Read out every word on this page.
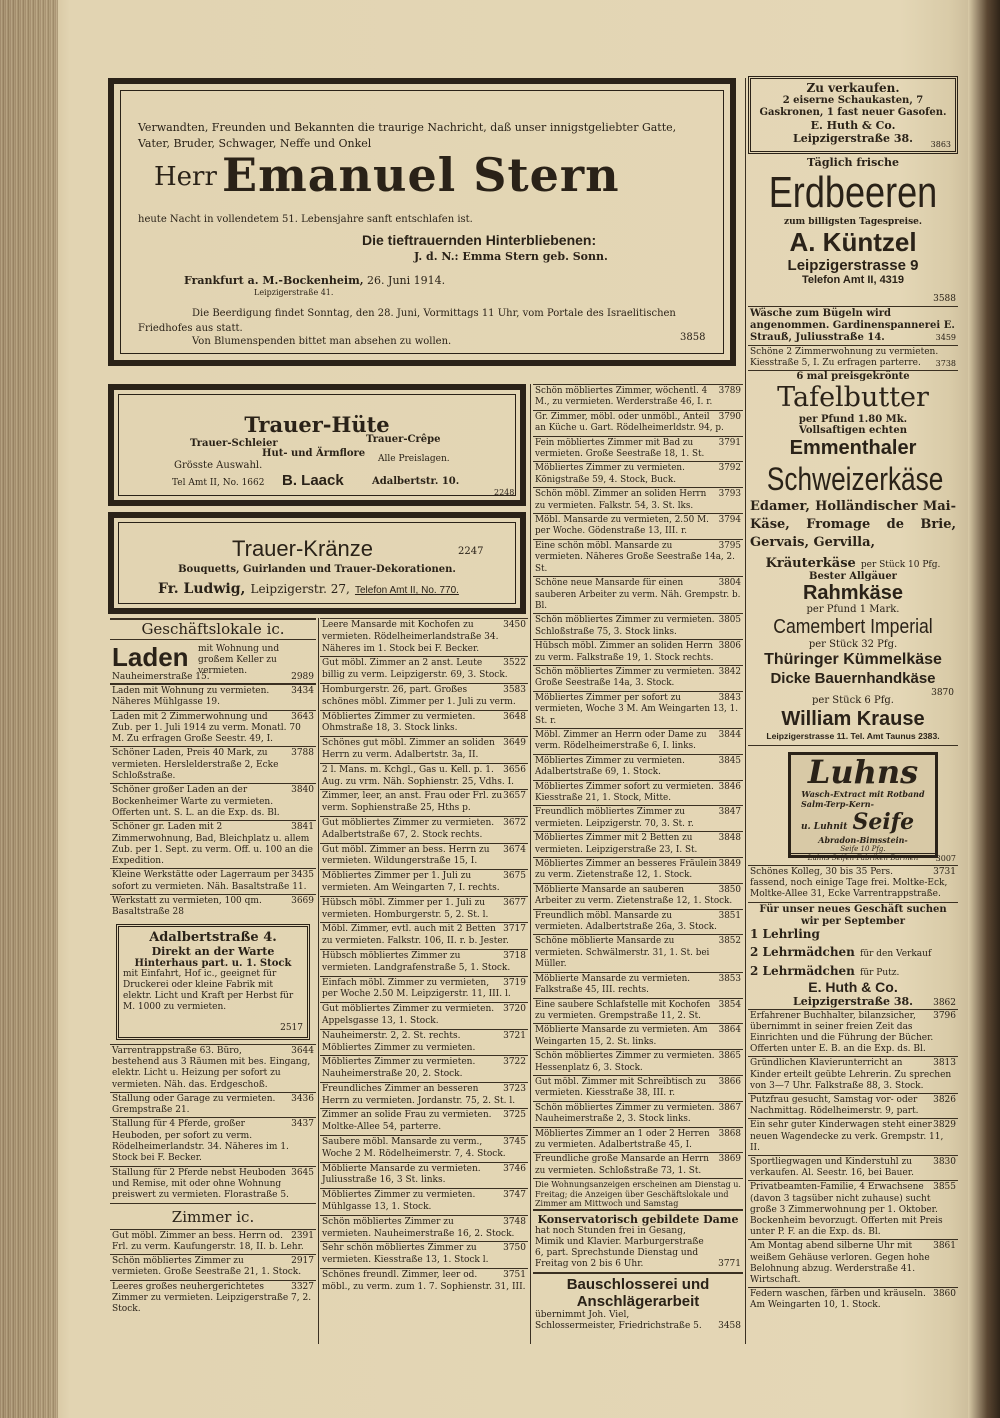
Verwandten, Freunden und Bekannten die traurige Nachricht, daß unser innigstgeliebter Gatte, Vater, Bruder, Schwager, Neffe und Onkel
Herr Emanuel Stern
heute Nacht in vollendetem 51. Lebensjahre sanft entschlafen ist.
Die tieftrauernden Hinterbliebenen:
J. d. N.: Emma Stern geb. Sonn.
Frankfurt a. M.-Bockenheim, 26. Juni 1914.
Leipzigerstraße 41.
Die Beerdigung findet Sonntag, den 28. Juni, Vormittags 11 Uhr, vom Portale des Israelitischen Friedhofes aus statt.
Von Blumenspenden bittet man absehen zu wollen.	3858
Trauer-Hüte
Trauer-Schleier	Trauer-Crêpe
Hut- und Ärmflore
Grösste Auswahl.
Alle Preislagen.
Tel Amt II, No. 1662 B. Laack	Adalbertstr. 10.
2248
Trauer-Kränze	2247
Bouquetts, Guirlanden und Trauer-Dekorationen.
Fr. Ludwig, Leipzigerstr. 27, Telefon Amt II, No. 770.
Geschäftslokale ic.
Laden mit Wohnung und großem Keller zu vermieten.
Nauheimerstraße 15.	2989
3434
Laden mit Wohnung zu vermieten. Näheres Mühlgasse 19.
3643
Laden mit 2 Zimmerwohnung und Zub. per 1. Juli 1914 zu verm. Monatl. 70 M. Zu erfragen Große Seestr. 49, I.
3788
Schöner Laden, Preis 40 Mark, zu vermieten. Herslelderstraße 2, Ecke Schloßstraße.
3840
Schöner großer Laden an der Bockenheimer Warte zu vermieten. Offerten unt. S. L. an die Exp. ds. Bl.
3841
Schöner gr. Laden mit 2 Zimmerwohnung, Bad, Bleichplatz u. allem Zub. per 1. Sept. zu verm. Off. u. 100 an die Expedition.
3435
Kleine Werkstätte oder Lagerraum per sofort zu vermieten. Näh. Basaltstraße 11.
3669
Werkstatt zu vermieten, 100 qm. Basaltstraße 28
Adalbertstraße 4.
Direkt an der Warte
Hinterhaus part. u. 1. Stock
mit Einfahrt, Hof ic., geeignet für Druckerei oder kleine Fabrik mit elektr. Licht und Kraft per Herbst für M. 1000 zu vermieten.
2517
3644
Varrentrappstraße 63. Büro, bestehend aus 3 Räumen mit bes. Eingang, elektr. Licht u. Heizung per sofort zu vermieten. Näh. das. Erdgeschoß.
3436
Stallung oder Garage zu vermieten. Grempstraße 21.
3437
Stallung für 4 Pferde, großer Heuboden, per sofort zu verm. Rödelheimerlandstr. 34. Näheres im 1. Stock bei F. Becker.
3645
Stallung für 2 Pferde nebst Heuboden und Remise, mit oder ohne Wohnung preiswert zu vermieten. Florastraße 5.
Zimmer ic.
2391
Gut möbl. Zimmer an bess. Herrn od. Frl. zu verm. Kaufungerstr. 18, II. b. Lehr.
2917
Schön möbliertes Zimmer zu vermieten. Große Seestraße 21, 1. Stock.
3327
Leeres großes neuhergerichtetes Zimmer zu vermieten. Leipzigerstraße 7, 2. Stock.
3450
Leere Mansarde mit Kochofen zu vermieten. Rödelheimerlandstraße 34. Näheres im 1. Stock bei F. Becker.
3522
Gut möbl. Zimmer an 2 anst. Leute billig zu verm. Leipzigerstr. 69, 3. Stock.
3583
Homburgerstr. 26, part. Großes schönes möbl. Zimmer per 1. Juli zu verm.
3648
Möbliertes Zimmer zu vermieten. Ohmstraße 18, 3. Stock links.
3649
Schönes gut möbl. Zimmer an soliden Herrn zu verm. Adalbertstr. 3a, II.
3656
2 l. Mans. m. Kchgl., Gas u. Kell. p. 1. Aug. zu vrm. Näh. Sophienstr. 25, Vdhs. I.
3657
Zimmer, leer, an anst. Frau oder Frl. zu verm. Sophienstraße 25, Hths p.
3672
Gut möbliertes Zimmer zu vermieten. Adalbertstraße 67, 2. Stock rechts.
3674
Gut möbl. Zimmer an bess. Herrn zu vermieten. Wildungerstraße 15, I.
3675
Möbliertes Zimmer per 1. Juli zu vermieten. Am Weingarten 7, I. rechts.
3677
Hübsch möbl. Zimmer per 1. Juli zu vermieten. Homburgerstr. 5, 2. St. l.
3717
Möbl. Zimmer, evtl. auch mit 2 Betten zu vermieten. Falkstr. 106, II. r. b. Jester.
3718
Hübsch möbliertes Zimmer zu vermieten. Landgrafenstraße 5, 1. Stock.
3719
Einfach möbl. Zimmer zu vermieten, per Woche 2.50 M. Leipzigerstr. 11, III. l.
3720
Gut möbliertes Zimmer zu vermieten. Appelsgasse 13, 1. Stock.
3721
Nauheimerstr. 2, 2. St. rechts. Möbliertes Zimmer zu vermieten.
3722
Möbliertes Zimmer zu vermieten. Nauheimerstraße 20, 2. Stock.
3723
Freundliches Zimmer an besseren Herrn zu vermieten. Jordanstr. 75, 2. St. l.
3725
Zimmer an solide Frau zu vermieten. Moltke-Allee 54, parterre.
3745
Saubere möbl. Mansarde zu verm., Woche 2 M. Rödelheimerstr. 7, 4. Stock.
3746
Möblierte Mansarde zu vermieten. Juliusstraße 16, 3 St. links.
3747
Möbliertes Zimmer zu vermieten. Mühlgasse 13, 1. Stock.
3748
Schön möbliertes Zimmer zu vermieten. Nauheimerstraße 16, 2. Stock.
3750
Sehr schön möbliertes Zimmer zu vermieten. Kiesstraße 13, 1. Stock l.
3751
Schönes freundl. Zimmer, leer od. möbl., zu verm. zum 1. 7. Sophienstr. 31, III.
3789
Schön möbliertes Zimmer, wöchentl. 4 M., zu vermieten. Werderstraße 46, I. r.
3790
Gr. Zimmer, möbl. oder unmöbl., Anteil an Küche u. Gart. Rödelheimerldstr. 94, p.
3791
Fein möbliertes Zimmer mit Bad zu vermieten. Große Seestraße 18, 1. St.
3792
Möbliertes Zimmer zu vermieten. Königstraße 59, 4. Stock, Buck.
3793
Schön möbl. Zimmer an soliden Herrn zu vermieten. Falkstr. 54, 3. St. lks.
3794
Möbl. Mansarde zu vermieten, 2.50 M. per Woche. Gödenstraße 13, III. r.
3795
Eine schön möbl. Mansarde zu vermieten. Näheres Große Seestraße 14a, 2. St.
3804
Schöne neue Mansarde für einen sauberen Arbeiter zu verm. Näh. Grempstr. b. Bl.
3805
Schön möbliertes Zimmer zu vermieten. Schloßstraße 75, 3. Stock links.
3806
Hübsch möbl. Zimmer an soliden Herrn zu verm. Falkstraße 19, 1. Stock rechts.
3842
Schön möbliertes Zimmer zu vermieten. Große Seestraße 14a, 3. Stock.
3843
Möbliertes Zimmer per sofort zu vermieten, Woche 3 M. Am Weingarten 13, 1. St. r.
3844
Möbl. Zimmer an Herrn oder Dame zu verm. Rödelheimerstraße 6, I. links.
3845
Möbliertes Zimmer zu vermieten. Adalbertstraße 69, 1. Stock.
3846
Möbliertes Zimmer sofort zu vermieten. Kiesstraße 21, 1. Stock, Mitte.
3847
Freundlich möbliertes Zimmer zu vermieten. Leipzigerstr. 70, 3. St. r.
3848
Möbliertes Zimmer mit 2 Betten zu vermieten. Leipzigerstraße 23, I. St.
3849
Möbliertes Zimmer an besseres Fräulein zu verm. Zietenstraße 12, 1. Stock.
3850
Möblierte Mansarde an sauberen Arbeiter zu verm. Zietenstraße 12, 1. Stock.
3851
Freundlich möbl. Mansarde zu vermieten. Adalbertstraße 26a, 3. Stock.
3852
Schöne möblierte Mansarde zu vermieten. Schwälmerstr. 31, 1. St. bei Müller.
3853
Möblierte Mansarde zu vermieten. Falkstraße 45, III. rechts.
3854
Eine saubere Schlafstelle mit Kochofen zu vermieten. Grempstraße 11, 2. St.
3864
Möblierte Mansarde zu vermieten. Am Weingarten 15, 2. St. links.
3865
Schön möbliertes Zimmer zu vermieten. Hessenplatz 6, 3. Stock.
3866
Gut möbl. Zimmer mit Schreibtisch zu vermieten. Kiesstraße 38, III. r.
3867
Schön möbliertes Zimmer zu vermieten. Nauheimerstraße 2, 3. Stock links.
3868
Möbliertes Zimmer an 1 oder 2 Herren zu vermieten. Adalbertstraße 45, I.
3869
Freundliche große Mansarde an Herrn zu vermieten. Schloßstraße 73, 1. St.
Die Wohnungsanzeigen erscheinen am Dienstag u. Freitag; die Anzeigen über Geschäftslokale und Zimmer am Mittwoch und Samstag
Konservatorisch gebildete Dame
hat noch Stunden frei in Gesang, Mimik und Klavier. Marburgerstraße 6, part. Sprechstunde Dienstag und Freitag von 2 bis 6 Uhr.	3771
Bauschlosserei und
Anschlägerarbeit
übernimmt Joh. Viel, Schlossermeister, Friedrichstraße 5.	3458
Zu verkaufen.
2 eiserne Schaukasten, 7 Gaskronen, 1 fast neuer Gasofen.
E. Huth & Co.
Leipzigerstraße 38.	3863
Täglich frische
Erdbeeren
zum billigsten Tagespreise.
A. Küntzel
Leipzigerstrasse 9
Telefon Amt II, 4319
3588
Wäsche zum Bügeln wird angenommen. Gardinenspannerei E. Strauß, Juliusstraße 14.	3459
Schöne 2 Zimmerwohnung zu vermieten. Kiesstraße 5, I. Zu erfragen parterre. 3738
6 mal preisgekrönte
Tafelbutter
per Pfund 1.80 Mk.
Vollsaftigen echten
Emmenthaler
Schweizerkäse
Edamer, Holländischer Mai-Käse, Fromage de Brie, Gervais, Gervilla,
Kräuterkäse per Stück 10 Pfg.
Bester Allgäuer
Rahmkäse
per Pfund 1 Mark.
Camembert Imperial
per Stück 32 Pfg.
Thüringer Kümmelkäse
Dicke Bauernhandkäse
per Stück 6 Pfg.
3870
William Krause
Leipzigerstrasse 11. Tel. Amt Taunus 2383.
Luhns
Wasch-Extract mit Rotband
Salm-Terp-Kern-
u. Luhnit Seife
Abradon-Bimsstein-
Seife 10 Pfg.
Luhns Seifen-Fabriken Barmen	3007
3731
Schönes Kolleg, 30 bis 35 Pers. fassend, noch einige Tage frei. Moltke-Eck, Moltke-Allee 31, Ecke Varrentrappstraße.
Für unser neues Geschäft suchen wir per September
1 Lehrling
2 Lehrmädchen für den Verkauf
2 Lehrmädchen für Putz.
E. Huth & Co.
Leipzigerstraße 38.	3862
3796
Erfahrener Buchhalter, bilanzsicher, übernimmt in seiner freien Zeit das Einrichten und die Führung der Bücher. Offerten unter E. B. an die Exp. ds. Bl.
3813
Gründlichen Klavierunterricht an Kinder erteilt geübte Lehrerin. Zu sprechen von 3—7 Uhr. Falkstraße 88, 3. Stock.
3826
Putzfrau gesucht, Samstag vor- oder Nachmittag. Rödelheimerstr. 9, part.
3829
Ein sehr guter Kinderwagen steht einer neuen Wagendecke zu verk. Grempstr. 11, II.
3830
Sportliegwagen und Kinderstuhl zu verkaufen. Al. Seestr. 16, bei Bauer.
3855
Privatbeamten-Familie, 4 Erwachsene (davon 3 tagsüber nicht zuhause) sucht große 3 Zimmerwohnung per 1. Oktober. Bockenheim bevorzugt. Offerten mit Preis unter P. F. an die Exp. ds. Bl.
3861
Am Montag abend silberne Uhr mit weißem Gehäuse verloren. Gegen hohe Belohnung abzug. Werderstraße 41. Wirtschaft.
3860
Federn waschen, färben und kräuseln. Am Weingarten 10, 1. Stock.
